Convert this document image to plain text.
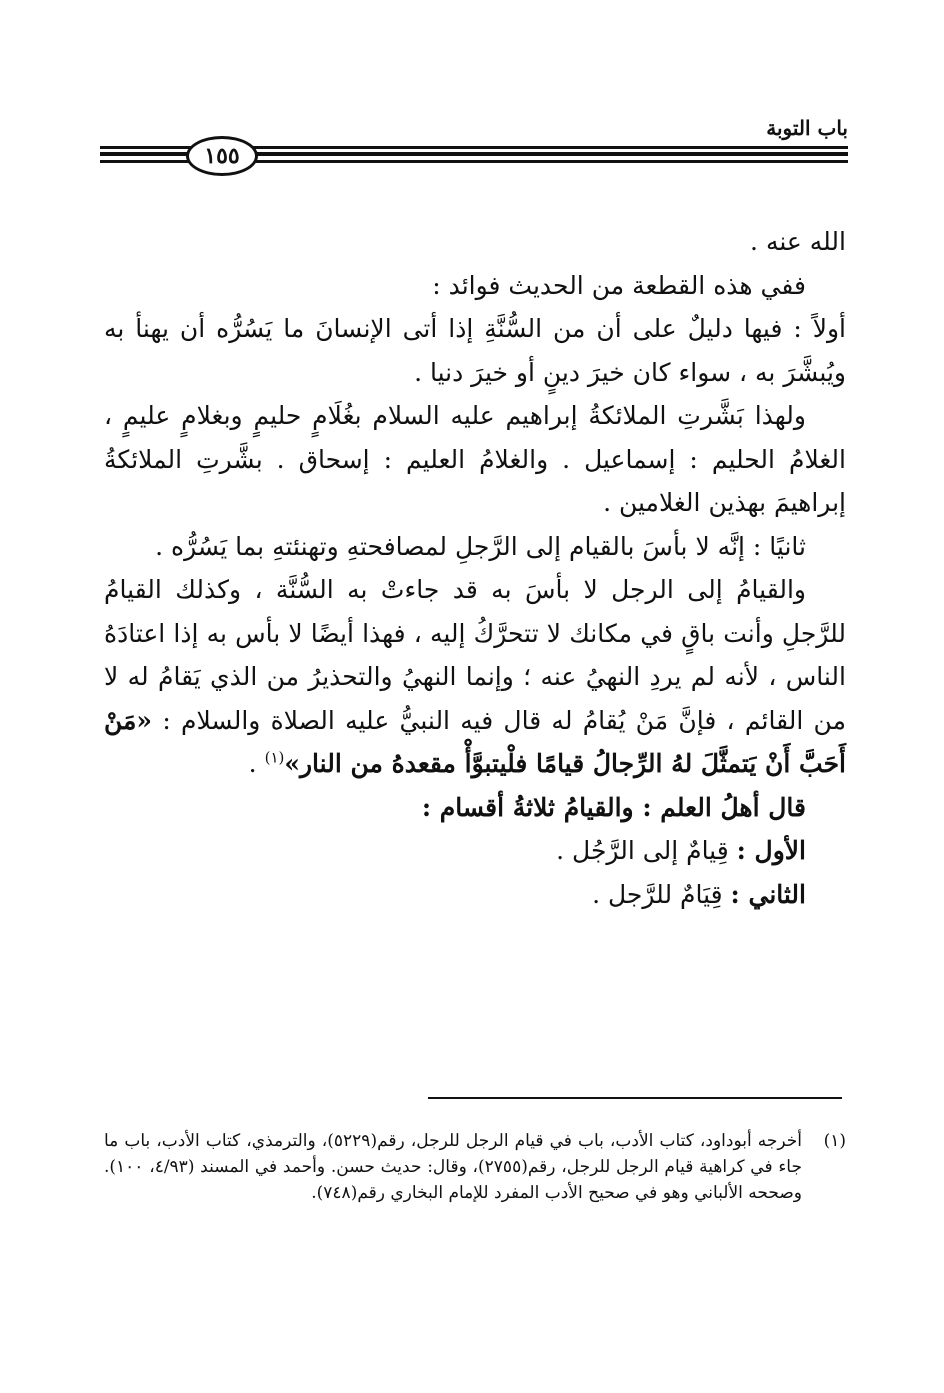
باب التوبة
١٥٥

الله عنه .

ففي هذه القطعة من الحديث فوائد :

أولاً : فيها دليلٌ على أن من السُّنَّةِ إذا أتى الإنسانَ ما يَسُرُّه أن يهنأ به ويُبشَّرَ به ، سواء كان خيرَ دينٍ أو خيرَ دنيا .

ولهذا بَشَّرتِ الملائكةُ إبراهيم عليه السلام بغُلَامٍ حليمٍ وبغلامٍ عليمٍ ، الغلامُ الحليم : إسماعيل . والغلامُ العليم : إسحاق . بشَّرتِ الملائكةُ إبراهيمَ بهذين الغلامين .

ثانيًا : إنَّه لا بأسَ بالقيام إلى الرَّجلِ لمصافحتهِ وتهنئتهِ بما يَسُرُّه .

والقيامُ إلى الرجل لا بأسَ به قد جاءتْ به السُّنَّة ، وكذلك القيامُ للرَّجلِ وأنت باقٍ في مكانك لا تتحرَّكُ إليه ، فهذا أيضًا لا بأس به إذا اعتادَهُ الناس ، لأنه لم يردِ النهيُ عنه ؛ وإنما النهيُ والتحذيرُ من الذي يَقامُ له لا من القائم ، فإنَّ مَنْ يُقامُ له قال فيه النبيُّ عليه الصلاة والسلام : «مَنْ أَحَبَّ أَنْ يَتمثَّلَ لهُ الرِّجالُ قيامًا فلْيتبوَّأْ مقعدهُ من النار»$^{(١)}$ .

قال أهلُ العلم : والقيامُ ثلاثةُ أقسام :

الأول : قِيامٌ إلى الرَّجُل .

الثاني : قِيَامٌ للرَّجل .

(١)
أخرجه أبوداود، كتاب الأدب، باب في قيام الرجل للرجل، رقم(٥٢٢٩)، والترمذي، كتاب الأدب، باب ما جاء في كراهية قيام الرجل للرجل، رقم(٢٧٥٥)، وقال: حديث حسن. وأحمد في المسند (٤/٩٣، ١٠٠). وصححه الألباني وهو في صحيح الأدب المفرد للإمام البخاري رقم(٧٤٨).
